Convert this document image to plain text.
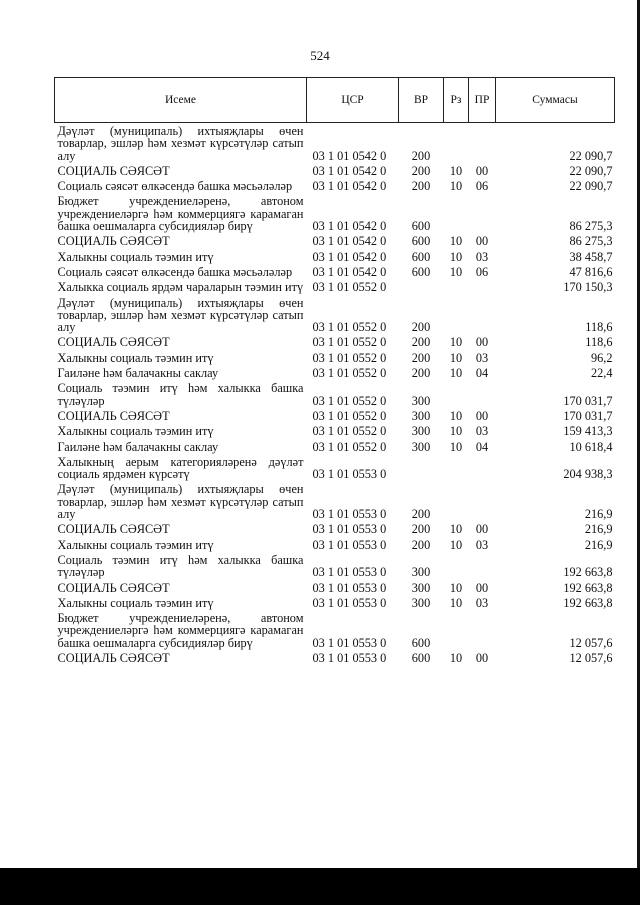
524
Исеме	ЦСР	ВР	Рз	ПР	Суммасы
Дәүләт (муниципаль) ихтыяҗлары өчен товарлар, эшләр һәм хезмәт күрсәтүләр сатып алу	03 1 01 0542 0	200			22 090,7
СОЦИАЛЬ СӘЯСӘТ	03 1 01 0542 0	200	10	00	22 090,7
Социаль сәясәт өлкәсендә башка мәсьәләләр	03 1 01 0542 0	200	10	06	22 090,7
Бюджет учреждениеләренә, автоном учреждениеләргә һәм коммерциягә карамаган башка оешмаларга субсидияләр бирү	03 1 01 0542 0	600			86 275,3
СОЦИАЛЬ СӘЯСӘТ	03 1 01 0542 0	600	10	00	86 275,3
Халыкны социаль тәэмин итү	03 1 01 0542 0	600	10	03	38 458,7
Социаль сәясәт өлкәсендә башка мәсьәләләр	03 1 01 0542 0	600	10	06	47 816,6
Халыкка социаль ярдәм чараларын тәэмин итү	03 1 01 0552 0				170 150,3
Дәүләт (муниципаль) ихтыяҗлары өчен товарлар, эшләр һәм хезмәт күрсәтүләр сатып алу	03 1 01 0552 0	200			118,6
СОЦИАЛЬ СӘЯСӘТ	03 1 01 0552 0	200	10	00	118,6
Халыкны социаль тәэмин итү	03 1 01 0552 0	200	10	03	96,2
Гаиләне һәм балачакны саклау	03 1 01 0552 0	200	10	04	22,4
Социаль тәэмин итү һәм халыкка башка түләүләр	03 1 01 0552 0	300			170 031,7
СОЦИАЛЬ СӘЯСӘТ	03 1 01 0552 0	300	10	00	170 031,7
Халыкны социаль тәэмин итү	03 1 01 0552 0	300	10	03	159 413,3
Гаиләне һәм балачакны саклау	03 1 01 0552 0	300	10	04	10 618,4
Халыкның аерым категорияләренә дәүләт социаль ярдәмен күрсәтү	03 1 01 0553 0				204 938,3
Дәүләт (муниципаль) ихтыяҗлары өчен товарлар, эшләр һәм хезмәт күрсәтүләр сатып алу	03 1 01 0553 0	200			216,9
СОЦИАЛЬ СӘЯСӘТ	03 1 01 0553 0	200	10	00	216,9
Халыкны социаль тәэмин итү	03 1 01 0553 0	200	10	03	216,9
Социаль тәэмин итү һәм халыкка башка түләүләр	03 1 01 0553 0	300			192 663,8
СОЦИАЛЬ СӘЯСӘТ	03 1 01 0553 0	300	10	00	192 663,8
Халыкны социаль тәэмин итү	03 1 01 0553 0	300	10	03	192 663,8
Бюджет учреждениеләренә, автоном учреждениеләргә һәм коммерциягә карамаган башка оешмаларга субсидияләр бирү	03 1 01 0553 0	600			12 057,6
СОЦИАЛЬ СӘЯСӘТ	03 1 01 0553 0	600	10	00	12 057,6
